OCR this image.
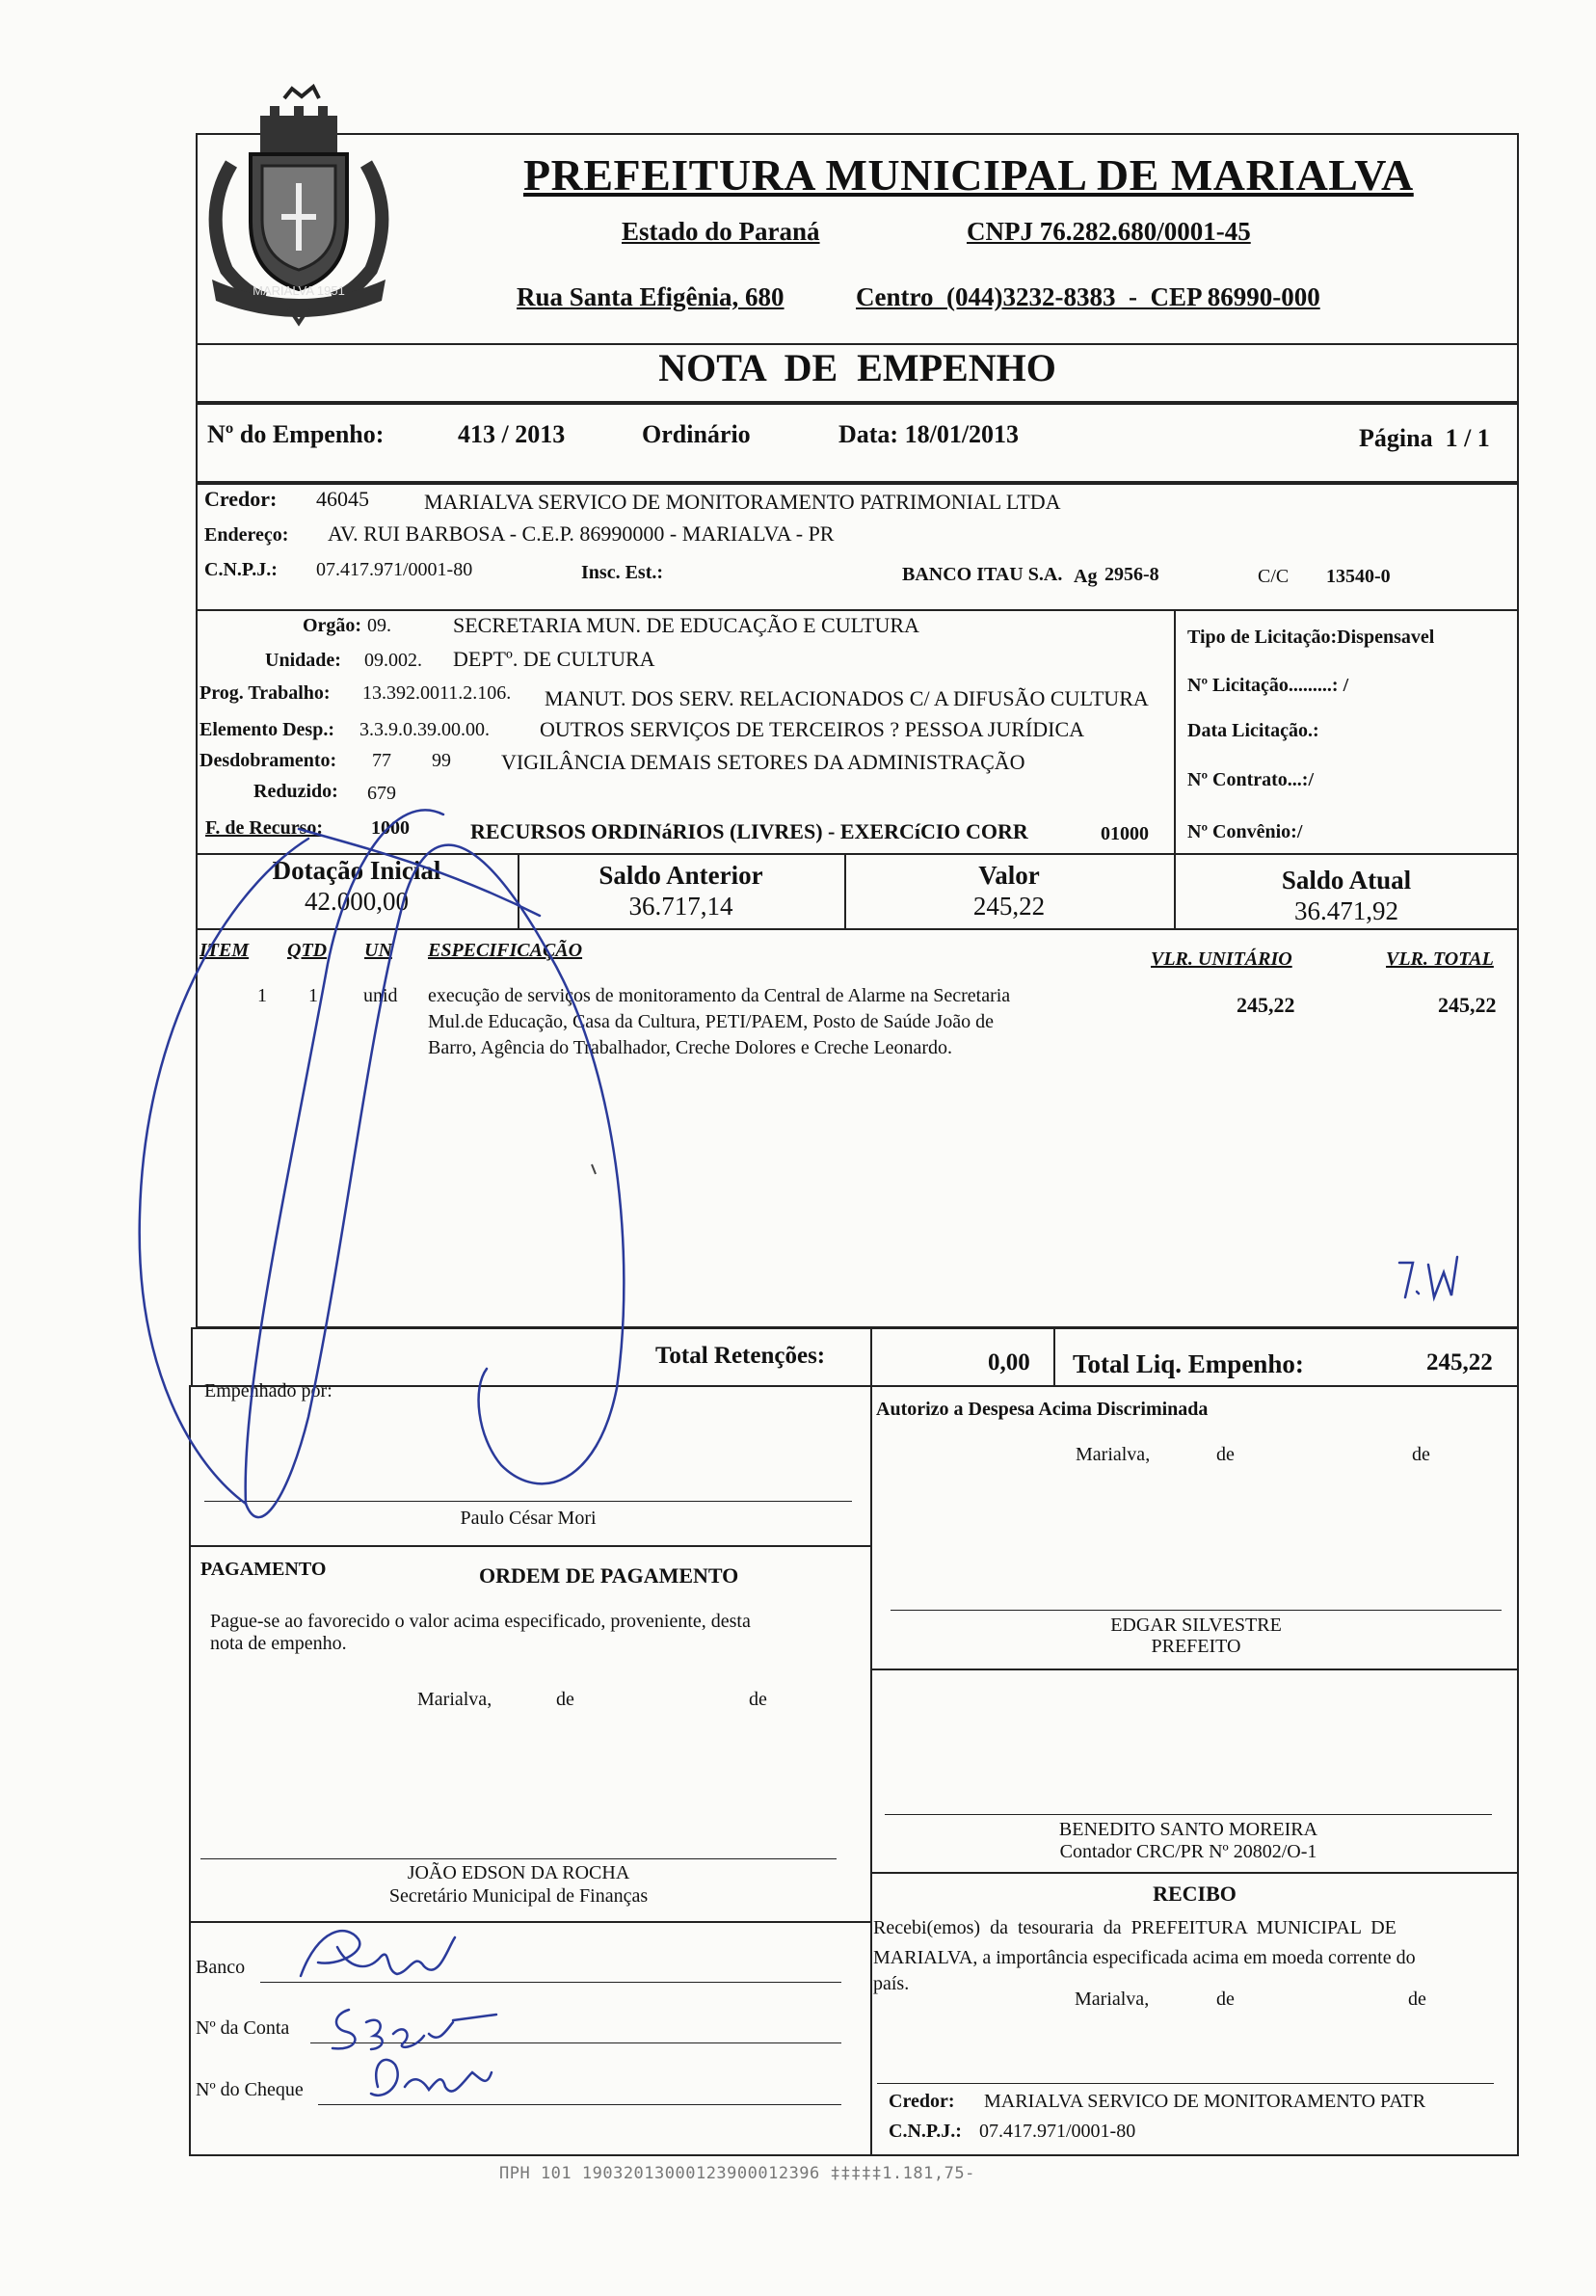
MARIALVA 1951
PREFEITURA MUNICIPAL DE MARIALVA
Estado do Paraná	CNPJ 76.282.680/0001-45
Rua Santa Efigênia, 680	Centro  (044)3232-8383  -  CEP 86990-000
NOTA  DE  EMPENHO
Nº do Empenho:	413 / 2013	Ordinário	Data: 18/01/2013	Página  1 / 1
Credor: 46045	MARIALVA SERVICO DE MONITORAMENTO PATRIMONIAL LTDA
Endereço: AV. RUI BARBOSA - C.E.P. 86990000 - MARIALVA - PR
C.N.P.J.: 07.417.971/0001-80	Insc. Est.:	BANCO ITAU S.A. Ag 2956-8	C/C 13540-0
Orgão: 09.	SECRETARIA MUN. DE EDUCAÇÃO E CULTURA
Unidade: 09.002. DEPTº. DE CULTURA
Prog. Trabalho: 13.392.0011.2.106. MANUT. DOS SERV. RELACIONADOS C/ A DIFUSÃO CULTURA
Elemento Desp.: 3.3.9.0.39.00.00. OUTROS SERVIÇOS DE TERCEIROS ? PESSOA JURÍDICA
Desdobramento: 77 99 VIGILÂNCIA DEMAIS SETORES DA ADMINISTRAÇÃO
Reduzido: 679
F. de Recurso: 1000	RECURSOS ORDINáRIOS (LIVRES) - EXERCíCIO CORR	01000
Tipo de Licitação:Dispensavel
Nº Licitação.........: /
Data Licitação.:
Nº Contrato...:/
Nº Convênio:/
Dotação Inicial
42.000,00
Saldo Anterior
36.717,14
Valor
245,22
Saldo Atual
36.471,92
ITEM QTD UN ESPECIFICAÇÃO	VLR. UNITÁRIO	VLR. TOTAL
1 1 unid execução de serviços de monitoramento da Central de Alarme na Secretaria
Mul.de Educação, Casa da Cultura, PETI/PAEM, Posto de Saúde João de
Barro, Agência do Trabalhador, Creche Dolores e Creche Leonardo.
245,22	245,22
Total Retenções:	0,00 Total Liq. Empenho:	245,22
Empenhado por:
Paulo César Mori
Autorizo a Despesa Acima Discriminada
Marialva,	de	de
PAGAMENTO	ORDEM DE PAGAMENTO
Pague-se ao favorecido o valor acima especificado, proveniente, desta
nota de empenho.
Marialva,	de	de
EDGAR SILVESTRE
PREFEITO
BENEDITO SANTO MOREIRA
Contador CRC/PR Nº 20802/O-1
JOÃO EDSON DA ROCHA
Secretário Municipal de Finanças	RECIBO
Recebi(emos)  da  tesouraria  da  PREFEITURA  MUNICIPAL  DE
MARIALVA, a importância especificada acima em moeda corrente do
país.
Marialva,	de	de
Banco
Nº da Conta
Nº do Cheque
Credor: MARIALVA SERVICO DE MONITORAMENTO PATR
C.N.P.J.: 07.417.971/0001-80
ПРН 101 19032013000123900012396 ‡‡‡‡‡1.181,75-
